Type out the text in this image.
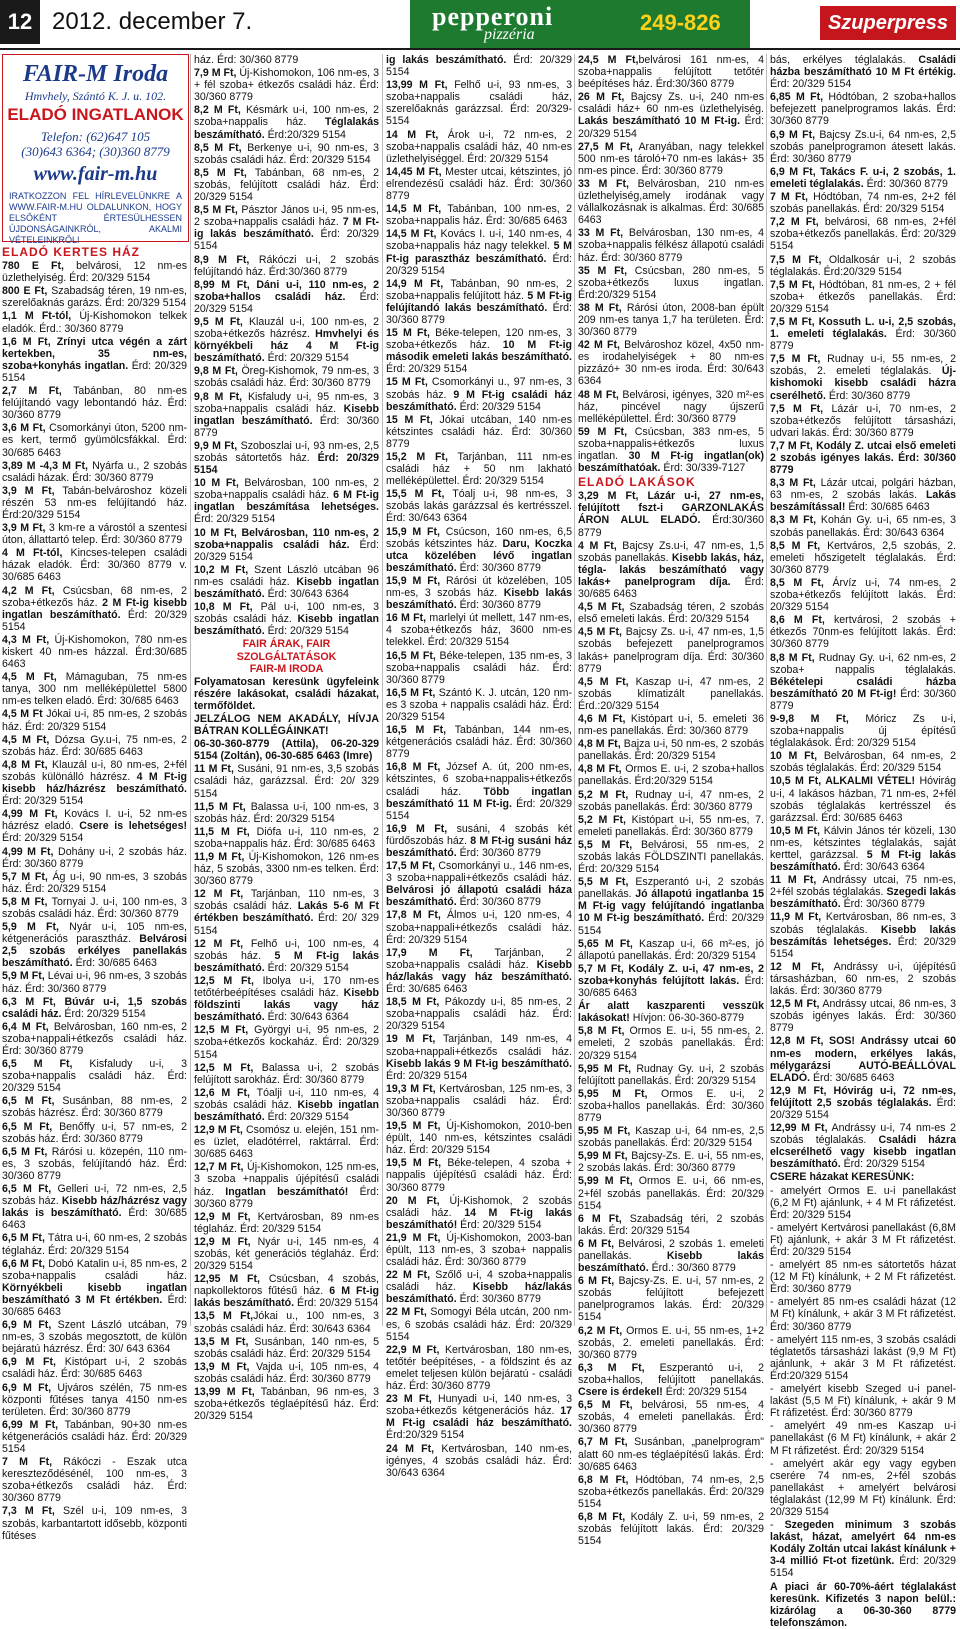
12 2012. december 7.	pepperoni
pizzéria	249-826	Szuperpress
FAIR-M Iroda
Hmvhely, Szántó K. J. u. 102.
ELADÓ INGATLANOK
Telefon: (62)647 105
(30)643 6364; (30)360 8779
www.fair-m.hu
IRATKOZZON FEL HÍRLEVELÜNKRE A WWW.FAIR-M.HU OLDALUNKON, HOGY ELSŐKÉNT ÉRTESÜLHESSEN ÚJDONSÁGAINKRÓL, AKALMI VÉTELEINKRŐL!
ELADÓ KERTES HÁZ

780 E Ft, belvárosi, 12 nm-es üzlethelyiség. Érd: 20/329 5154

800 E Ft, Szabadság téren, 19 nm-es, szerelőaknás garázs. Érd: 20/329 5154

1,1 M Ft-tól, Új-Kishomokon telkek eladók. Érd.: 30/360 8779

1,6 M Ft, Zrínyi utca végén a zárt kertekben, 35 nm-es, szoba+konyhás ingatlan. Érd: 20/329 5154

2,7 M Ft, Tabánban, 80 nm-es felújítandó vagy lebontandó ház. Érd: 30/360 8779

3,6 M Ft, Csomorkányi úton, 5200 nm-es kert, termő gyümölcsfákkal. Érd: 30/685 6463

3,89 M -4,3 M Ft, Nyárfa u., 2 szobás családi házak. Érd: 30/360 8779

3,9 M Ft, Tabán-belvároshoz közeli részén 53 nm-es felújítandó ház. Érd:20/329 5154

3,9 M Ft, 3 km-re a várostól a szentesi úton, állattartó telep. Érd: 30/360 8779

4 M Ft-tól, Kincses-telepen családi házak eladók. Érd: 30/360 8779 v. 30/685 6463

4,2 M Ft, Csúcsban, 68 nm-es, 2 szoba+étkezős ház. 2 M Ft-ig kisebb ingatlan beszámítható. Érd: 20/329 5154

4,3 M Ft, Új-Kishomokon, 780 nm-es kiskert 40 nm-es házzal. Érd:30/685 6463

4,5 M Ft, Mámaguban, 75 nm-es tanya, 300 nm melléképülettel 5800 nm-es telken eladó. Érd: 30/685 6463

4,5 M Ft Jókai u-i, 85 nm-es, 2 szobás ház. Érd: 20/329 5154

4,5 M Ft, Dózsa Gy.u-i, 75 nm-es, 2 szobás ház. Érd: 30/685 6463

4,8 M Ft, Klauzál u-i, 80 nm-es, 2+fél szobás különálló házrész. 4 M Ft-ig kisebb ház/házrész beszámítható. Érd: 20/329 5154

4,99 M Ft, Kovács I. u-i, 52 nm-es házrész eladó. Csere is lehetséges! Érd: 20/329 5154

4,99 M Ft, Dohány u-i, 2 szobás ház. Érd: 30/360 8779

5,7 M Ft, Ág u-i, 90 nm-es, 3 szobás ház. Érd: 20/329 5154

5,8 M Ft, Tornyai J. u-i, 100 nm-es, 3 szobás családi ház. Érd: 30/360 8779

5,9 M Ft, Nyár u-i, 105 nm-es, kétgenerációs parasztház. Belvárosi 2,5 szobás erkélyes panellakás beszámítható. Érd: 30/685 6463

5,9 M Ft, Lévai u-i, 96 nm-es, 3 szobás ház. Érd: 30/360 8779

6,3 M Ft, Búvár u-i, 1,5 szobás családi ház. Érd: 20/329 5154

6,4 M Ft, Belvárosban, 160 nm-es, 2 szoba+nappali+étkezős családi ház. Érd: 30/360 8779

6,5 M Ft, Kisfaludy u-i, 3 szoba+nappalis családi ház. Érd: 20/329 5154

6,5 M Ft, Susánban, 88 nm-es, 2 szobás házrész. Érd: 30/360 8779

6,5 M Ft, Benőffy u-i, 57 nm-es, 2 szobás ház. Érd: 30/360 8779

6,5 M Ft, Rárósi u. közepén, 110 nm-es, 3 szobás, felújítandó ház. Érd: 30/360 8779

6,5 M Ft, Gelleri u-i, 72 nm-es, 2,5 szobás ház. Kisebb ház/házrész vagy lakás is beszámítható. Érd: 30/685 6463

6,5 M Ft, Tátra u-i, 60 nm-es, 2 szobás téglaház. Érd: 20/329 5154

6,6 M Ft, Dobó Katalin u-i, 85 nm-es, 2 szoba+nappalis családi ház. Környékbeli kisebb ingatlan beszámítható 3 M Ft értékben. Érd: 30/685 6463

6,9 M Ft, Szent László utcában, 79 nm-es, 3 szobás megosztott, de külön bejáratú házrész. Érd: 30/ 643 6364

6,9 M Ft, Kistópart u-i, 2 szobás családi ház. Érd: 30/685 6463

6,9 M Ft, Ujváros szélén, 75 nm-es központi fűtéses tanya 4150 nm-es területen. Érd: 30/360 8779

6,99 M Ft, Tabánban, 90+30 nm-es kétgenerációs családi ház. Érd: 20/329 5154

7 M Ft, Rákóczi - Eszak utca kereszteződésénél, 100 nm-es, 3 szoba+étkezős családi ház. Érd: 30/360 8779

7,3 M Ft, Szél u-i, 109 nm-es, 3 szobás, karbantartott idősebb, központi fűtéses

ház. Érd: 30/360 8779

7,9 M Ft, Új-Kishomokon, 106 nm-es, 3 + fél szoba+ étkezős családi ház. Érd: 30/360 8779

8,2 M Ft, Késmárk u-i, 100 nm-es, 2 szoba+nappalis ház. Téglalakás beszámítható. Érd:20/329 5154

8,5 M Ft, Berkenye u-i, 90 nm-es, 3 szobás családi ház. Érd: 20/329 5154

8,5 M Ft, Tabánban, 68 nm-es, 2 szobás, felújított családi ház. Érd: 20/329 5154

8,5 M Ft, Pásztor János u-i, 95 nm-es, 2 szoba+nappalis családi ház. 7 M Ft-ig lakás beszámítható. Érd: 20/329 5154

8,9 M Ft, Rákóczi u-i, 2 szobás felújítandó ház. Érd:30/360 8779

8,99 M Ft, Dáni u-i, 110 nm-es, 2 szoba+hallos családi ház. Érd: 20/329 5154

9,5 M Ft, Klauzál u-i, 100 nm-es, 2 szoba+étkezős házrész. Hmvhelyi és környékbeli ház 4 M Ft-ig beszámítható. Érd: 20/329 5154

9,8 M Ft, Öreg-Kishomok, 79 nm-es, 3 szobás családi ház. Érd: 30/360 8779

9,8 M Ft, Kisfaludy u-i, 95 nm-es, 3 szoba+nappalis családi ház. Kisebb ingatlan beszámítható. Érd: 30/360 8779

9,9 M Ft, Szoboszlai u-i, 93 nm-es, 2,5 szobás sátortetős ház. Érd: 20/329 5154

10 M Ft, Belvárosban, 100 nm-es, 2 szoba+nappalis családi ház. 6 M Ft-ig ingatlan beszámítása lehetséges. Érd: 20/329 5154

10 M Ft, Belvárosban, 110 nm-es, 2 szoba+nappalis családi ház. Érd: 20/329 5154

10,2 M Ft, Szent László utcában 96 nm-es családi ház. Kisebb ingatlan beszámítható. Érd: 30/643 6364

10,8 M Ft, Pál u-i, 100 nm-es, 3 szobás családi ház. Kisebb ingatlan beszámítható. Érd: 20/329 5154

FAIR ÁRAK, FAIR SZOLGÁLTATÁSOK
FAIR-M IRODA

Folyamatosan keresünk ügyfeleink részére lakásokat, családi házakat, termőföldet.

JELZÁLOG NEM AKADÁLY, HÍVJA BÁTRAN KOLLÉGÁINKAT!

06-30-360-8779 (Attila), 06-20-329 5154 (Zoltán), 06-30-685 6463 (Imre)

11 M Ft, Susáni, 91 nm-es, 3,5 szobás családi ház, garázzsal. Érd: 20/ 329 5154

11,5 M Ft, Balassa u-i, 100 nm-es, 3 szobás ház. Érd: 20/329 5154

11,5 M Ft, Diófa u-i, 110 nm-es, 2 szoba+nappalis ház. Érd: 30/685 6463

11,9 M Ft, Új-Kishomokon, 126 nm-es ház, 5 szobás, 3300 nm-es telken. Érd: 30/360 8779

12 M Ft, Tarjánban, 110 nm-es, 3 szobás családi ház. Lakás 5-6 M Ft értékben beszámítható. Érd: 20/ 329 5154

12 M Ft, Felhő u-i, 100 nm-es, 4 szobás ház. 5 M Ft-ig lakás beszámítható. Érd: 20/329 5154

12,5 M Ft, Ibolya u-i, 170 nm-es tetőtérbeépítéses családi ház. Kisebb földszinti lakás vagy ház beszámítható. Érd: 30/643 6364

12,5 M Ft, Györgyi u-i, 95 nm-es, 2 szoba+étkezős kockaház. Érd: 20/329 5154

12,5 M Ft, Balassa u-i, 2 szobás felújított sarokház. Érd: 30/360 8779

12,6 M Ft, Tóalji u-i, 110 nm-es, 4 szobás családi ház. Kisebb ingatlan beszámítható. Érd: 20/329 5154

12,9 M Ft, Csomósz u. elején, 151 nm-es üzlet, eladótérrel, raktárral. Érd: 30/685 6463

12,7 M Ft, Új-Kishomokon, 125 nm-es, 3 szoba +nappalis újépítésű családi ház. Ingatlan beszámítható! Érd: 30/360 8779

12,9 M Ft, Kertvárosban, 89 nm-es téglaház. Érd: 20/329 5154

12,9 M Ft, Nyár u-i, 145 nm-es, 4 szobás, két generációs téglaház. Érd: 20/329 5154

12,95 M Ft, Csúcsban, 4 szobás, napkollektoros fűtésű ház. 6 M Ft-ig lakás beszámítható. Érd: 20/329 5154

13,5 M Ft,Jókai u., 100 nm-es, 3 szobás családi ház. Érd: 30/643 6364

13,5 M Ft, Susánban, 140 nm-es, 5 szobás családi ház. Érd: 20/329 5154

13,9 M Ft, Vajda u-i, 105 nm-es, 4 szobás családi ház. Érd: 30/360 8779

13,99 M Ft, Tabánban, 96 nm-es, 3 szoba+étkezős téglaépítésű ház. Érd: 20/329 5154

ig lakás beszámítható. Érd: 20/329 5154

13,99 M Ft, Felhő u-i, 93 nm-es, 3 szoba+nappalis családi ház, szerelőaknás garázzsal. Érd: 20/329-5154

14 M Ft, Árok u-i, 72 nm-es, 2 szoba+nappalis családi ház, 40 nm-es üzlethelyiséggel. Érd: 20/329 5154

14,45 M Ft, Mester utcai, kétszintes, jó elrendezésű családi ház. Érd: 30/360 8779

14,5 M Ft, Tabánban, 100 nm-es, 2 szoba+nappalis ház. Érd: 30/685 6463

14,5 M Ft, Kovács I. u-i, 140 nm-es, 4 szoba+nappalis ház nagy telekkel. 5 M Ft-ig parasztház beszámítható. Érd: 20/329 5154

14,9 M Ft, Tabánban, 90 nm-es, 2 szoba+nappalis felújított ház. 5 M Ft-ig felújítandó lakás beszámítható. Érd: 30/360 8779

15 M Ft, Béke-telepen, 120 nm-es, 3 szoba+étkezős ház. 10 M Ft-ig második emeleti lakás beszámítható. Érd: 20/329 5154

15 M Ft, Csomorkányi u., 97 nm-es, 3 szobás ház. 9 M Ft-ig családi ház beszámítható. Érd: 20/329 5154

15 M Ft, Jókai utcában, 140 nm-es kétszintes családi ház. Érd: 30/360 8779

15,2 M Ft, Tarjánban, 111 nm-es családi ház + 50 nm lakható melléképülettel. Érd: 20/329 5154

15,5 M Ft, Tóalj u-i, 98 nm-es, 3 szobás lakás garázzsal és kertrésszel. Érd: 30/643 6364

15,9 M Ft, Csúcson, 160 nm-es, 6,5 szobás kétszintes ház. Daru, Koczka utca közelében lévő ingatlan beszámítható. Érd: 30/360 8779

15,9 M Ft, Rárósi út közelében, 105 nm-es, 3 szobás ház. Kisebb lakás beszámítható. Érd: 30/360 8779

16 M Ft, marlelyi út mellett, 147 nm-es, 4 szoba+étkezős ház, 3600 nm-es telekkel. Érd: 20/329 5154

16,5 M Ft, Béke-telepen, 135 nm-es, 3 szoba+nappalis családi ház. Érd: 30/360 8779

16,5 M Ft, Szántó K. J. utcán, 120 nm-es 3 szoba + nappalis családi ház. Érd: 20/329 5154

16,5 M Ft, Tabánban, 144 nm-es, kétgenerációs családi ház. Érd: 30/360 8779

16,8 M Ft, József A. út, 200 nm-es, kétszintes, 6 szoba+nappalis+étkezős családi ház. Több ingatlan beszámítható 11 M Ft-ig. Érd: 20/329 5154

16,9 M Ft, susáni, 4 szobás két fürdőszobás ház. 8 M Ft-ig susáni ház beszámítható. Érd: 30/360 8779

17,5 M Ft, Csomorkányi u., 146 nm-es, 3 szoba+nappali+étkezős családi ház. Belvárosi jó állapotú családi háza beszámítható. Érd: 30/360 8779

17,8 M Ft, Álmos u-i, 120 nm-es, 4 szoba+nappali+étkezős családi ház. Érd: 20/329 5154

17,9 M Ft, Tarjánban, 2 szoba+nappalis családi ház. Kisebb ház/lakás vagy ház beszámítható. Érd: 30/685 6463

18,5 M Ft, Pákozdy u-i, 85 nm-es, 2 szoba+nappalis családi ház. Érd: 20/329 5154

19 M Ft, Tarjánban, 149 nm-es, 4 szoba+nappali+étkezős családi ház. Kisebb lakás 9 M Ft-ig beszámítható. Érd: 20/329 5154

19,3 M Ft, Kertvárosban, 125 nm-es, 3 szoba+nappalis családi ház. Érd: 30/360 8779

19,5 M Ft, Új-Kishomokon, 2010-ben épült, 140 nm-es, kétszintes családi ház. Érd: 20/329 5154

19,5 M Ft, Béke-telepen, 4 szoba + nappalis újépítésű családi ház. Érd: 30/360 8779

20 M Ft, Új-Kishomok, 2 szobás családi ház. 14 M Ft-ig lakás beszámítható! Érd: 20/329 5154

21,9 M Ft, Új-Kishomokon, 2003-ban épült, 113 nm-es, 3 szoba+ nappalis családi ház. Érd: 30/360 8779

22 M Ft, Szőlő u-i, 4 szoba+nappalis családi ház. Kisebb ház/lakás beszámítható. Érd: 30/360 8779

22 M Ft, Somogyi Béla utcán, 200 nm-es, 6 szobás családi ház. Érd: 20/329 5154

22,9 M Ft, Kertvárosban, 180 nm-es, tetőtér beépítéses, - a földszint és az emelet teljesen külön bejáratú - családi ház. Érd: 30/360 8779

23 M Ft, Hunyadi u-i, 140 nm-es, 3 szoba+étkezős kétgenerációs ház. 17 M Ft-ig családi ház beszámítható. Érd:20/329 5154

24 M Ft, Kertvárosban, 140 nm-es, igényes, 4 szobás családi ház. Érd: 30/643 6364

24,5 M Ft,belvárosi 161 nm-es, 4 szoba+nappalis felújított tetőtér beépítéses ház. Érd:30/360 8779

26 M Ft, Bajcsy Zs. u-i, 240 nm-es családi ház+ 60 nm-es üzlethelyiség. Lakás beszámítható 10 M Ft-ig. Érd: 20/329 5154

27,5 M Ft, Aranyában, nagy telekkel 500 nm-es tároló+70 nm-es lakás+ 35 nm-es pince. Érd: 30/360 8779

33 M Ft, Belvárosban, 210 nm-es üzlethelyiség,amely irodának vagy vállalkozásnak is alkalmas. Érd: 30/685 6463

33 M Ft, Belvárosban, 130 nm-es, 4 szoba+nappalis félkész állapotú családi ház. Érd: 30/360 8779

35 M Ft, Csúcsban, 280 nm-es, 5 szoba+étkezős luxus ingatlan. Érd:20/329 5154

38 M Ft, Rárósi úton, 2008-ban épült 209 nm-es tanya 1,7 ha területen. Érd: 30/360 8779

42 M Ft, Belvároshoz közel, 4x50 nm-es irodahelyiségek + 80 nm-es pizzázó+ 30 nm-es iroda. Érd: 30/643 6364

48 M Ft, Belvárosi, igényes, 320 m²-es ház, pincével nagy újszerű melléképülettel. Érd: 30/360 8779

59 M Ft, Csúcsban, 383 nm-es, 5 szoba+nappalis+étkezős luxus ingatlan. 30 M Ft-ig ingatlan(ok) beszámíthatóak. Érd: 30/339-7127

ELADÓ LAKÁSOK

3,29 M Ft, Lázár u-i, 27 nm-es, felújított fszt-i GARZONLAKÁS ÁRON ALUL ELADÓ. Érd:30/360 8779

4 M Ft, Bajcsy Zs.u-i, 47 nm-es, 1,5 szobás panellakás. Kisebb lakás, ház, tégla- lakás beszámítható vagy lakás+ panelprogram díja. Érd: 30/685 6463

4,5 M Ft, Szabadság téren, 2 szobás első emeleti lakás. Érd: 20/329 5154

4,5 M Ft, Bajcsy Zs. u-i, 47 nm-es, 1,5 szobás befejezett panelprogramos lakás+ panelprogram díja. Érd: 30/360 8779

4,5 M Ft, Kaszap u-i, 47 nm-es, 2 szobás klímatizált panellakás. Érd.:20/329 5154

4,6 M Ft, Kistópart u-i, 5. emeleti 36 nm-es panellakás. Érd: 30/360 8779

4,8 M Ft, Bajza u-i, 50 nm-es, 2 szobás panellakás. Érd: 20/329 5154

4,8 M Ft, Ormos E. u-i, 2 szoba+hallos panellakás. Érd:20/329 5154

5,2 M Ft, Rudnay u-i, 47 nm-es, 2 szobás panellakás. Érd: 30/360 8779

5,2 M Ft, Kistópart u-i, 55 nm-es, 7. emeleti panellakás. Érd: 30/360 8779

5,5 M Ft, Belvárosi, 55 nm-es, 2 szobás lakás FÖLDSZINTI panellakás. Érd: 20/329 5154

5,5 M Ft, Eszperantó u-i, 2 szobás panellakás. Jó állapotú ingatlanba 15 M Ft-ig vagy felújítandó ingatlanba 10 M Ft-ig beszámítható. Érd: 20/329 5154

5,65 M Ft, Kaszap u-i, 66 m²-es, jó állapotú panellakás. Érd: 20/329 5154

5,7 M Ft, Kodály Z. u-i, 47 nm-es, 2 szoba+konyhás felújított lakás. Érd: 30/685 6463

Ár alatt kaszparenti vesszük lakásokat! Hívjon: 06-30-360-8779

5,8 M Ft, Ormos E. u-i, 55 nm-es, 2. emeleti, 2 szobás panellakás. Érd: 20/329 5154

5,95 M Ft, Rudnay Gy. u-i, 2 szobás felújított panellakás. Érd: 20/329 5154

5,95 M Ft, Ormos E. u-i, 2 szoba+hallos panellakás. Érd: 30/360 8779

5,95 M Ft, Kaszap u-i, 64 nm-es, 2,5 szobás panellakás. Érd: 20/329 5154

5,99 M Ft, Bajcsy-Zs. E. u-i, 55 nm-es, 2 szobás lakás. Érd: 30/360 8779

5,99 M Ft, Ormos E. u-i, 66 nm-es, 2+fél szobás panellakás. Érd: 20/329 5154

6 M Ft, Szabadság téri, 2 szobás lakás. Érd: 20/329 5154

6 M Ft, Belvárosi, 2 szobás 1. emeleti panellakás. Kisebb lakás beszámítható. Érd.: 30/360 8779

6 M Ft, Bajcsy-Zs. E. u-i, 57 nm-es, 2 szobás felújított befejezett panelprogramos lakás. Érd: 20/329 5154

6,2 M Ft, Ormos E. u-i, 55 nm-es, 1+2 szobás, 2. emeleti panellakás. Érd: 30/360 8779

6,3 M Ft, Eszperantó u-i, 2 szoba+hallos, felújított panellakás. Csere is érdekel! Érd: 20/329 5154

6,5 M Ft, belvárosi, 55 nm-es, 4 szobás, 4 emeleti panellakás. Érd: 30/360 8779

6,7 M Ft, Susánban, „panelprogram" alatt 60 nm-es téglaépítésű lakás. Érd: 30/685 6463

6,8 M Ft, Hódtóban, 74 nm-es, 2,5 szoba+étkezős panellakás. Érd: 20/329 5154

6,8 M Ft, Kodály Z. u-i, 59 nm-es, 2 szobás felújított lakás. Érd: 20/329 5154

bás, erkélyes téglalakás. Családi házba beszámítható 10 M Ft értékig. Érd: 20/329 5154

6,85 M Ft, Hódtóban, 2 szoba+hallos befejezett panelprogramos lakás. Érd: 30/360 8779

6,9 M Ft, Bajcsy Zs.u-i, 64 nm-es, 2,5 szobás panelprogramon átesett lakás. Érd: 30/360 8779

6,9 M Ft, Takács F. u-i, 2 szobás, 1. emeleti téglalakás. Érd: 30/360 8779

7 M Ft, Hódtóban, 74 nm-es, 2+2 fél szobás panellakás. Érd: 20/329 5154

7,2 M Ft, belvárosi, 68 nm-es, 2+fél szoba+étkezős panellakás. Érd: 20/329 5154

7,5 M Ft, Oldalkosár u-i, 2 szobás téglalakás. Érd:20/329 5154

7,5 M Ft, Hódtóban, 81 nm-es, 2 + fél szoba+ étkezős panellakás. Érd: 20/329 5154

7,5 M Ft, Kossuth L. u-i, 2,5 szobás, 1. emeleti téglalakás. Érd: 30/360 8779

7,5 M Ft, Rudnay u-i, 55 nm-es, 2 szobás, 2. emeleti téglalakás. Új-kishomoki kisebb családi házra cserélhető. Érd: 30/360 8779

7,5 M Ft, Lázár u-i, 70 nm-es, 2 szoba+étkezős felújított társasházi, udvari lakás. Érd: 30/360 8779

7,7 M Ft, Kodály Z. utcai első emeleti 2 szobás igényes lakás. Érd: 30/360 8779

8,3 M Ft, Lázár utcai, polgári házban, 63 nm-es, 2 szobás lakás. Lakás beszámítással! Érd: 30/685 6463

8,3 M Ft, Kohán Gy. u-i, 65 nm-es, 3 szobás panellakás. Érd: 30/643 6364

8,5 M Ft, Kertváros, 2,5 szobás, 2. emeleti hőszigetelt téglalakás. Érd: 30/360 8779

8,5 M Ft, Árvíz u-i, 74 nm-es, 2 szoba+étkezős felújított lakás. Érd: 20/329 5154

8,6 M Ft, kertvárosi, 2 szobás + étkezős 70nm-es felújított lakás. Érd: 30/360 8779

8,8 M Ft, Rudnay Gy. u-i, 62 nm-es, 2 szoba+ nappalis téglalakás. Békételepi családi házba beszámítható 20 M Ft-ig! Érd: 30/360 8779

9-9,8 M Ft, Móricz Zs u-i, szoba+nappalis új építésű téglalakások. Érd: 20/329 5154

10 M Ft, Belvárosban, 64 nm-es, 2 szobás téglalakás. Érd: 20/329 5154

10,5 M Ft, ALKALMI VÉTEL! Hóvirág u-i, 4 lakásos házban, 71 nm-es, 2+fél szobás téglalakás kertrésszel és garázzsal. Érd: 30/685 6463

10,5 M Ft, Kálvin János tér közeli, 130 nm-es, kétszintes téglalakás, saját kerttel, garázzsal. 5 M Ft-ig lakás beszámítható. Érd: 30/643 6364

11 M Ft, Andrássy utcai, 75 nm-es, 2+fél szobás téglalakás. Szegedi lakás beszámítható. Érd: 30/360 8779

11,9 M Ft, Kertvárosban, 86 nm-es, 3 szobás téglalakás. Kisebb lakás beszámítás lehetséges. Érd: 20/329 5154

12 M Ft, Andrássy u-i, újépítésű társasházban, 60 nm-es, 2 szobás lakás. Érd: 30/360 8779

12,5 M Ft, Andrássy utcai, 86 nm-es, 3 szobás igényes lakás. Érd: 30/360 8779

12,8 M Ft, SOS! Andrássy utcai 60 nm-es modern, erkélyes lakás, mélygarázsi AUTÓ-BEÁLLÓVAL ELADÓ. Érd: 30/685 6463

12,9 M Ft, Hóvirág u-i, 72 nm-es, felújított 2,5 szobás téglalakás. Érd: 20/329 5154

12,99 M Ft, Andrássy u-i, 74 nm-es 2 szobás téglalakás. Családi házra elcserélhető vagy kisebb ingatlan beszámítható. Érd: 20/329 5154

CSERE házakat KERESÜNK:

- amelyért Ormos E. u-i panellakást (6,2 M Ft) ajánlunk, + 4 M Ft ráfizetést. Érd: 20/329 5154

- amelyért Kertvárosi panellakást (6,8M Ft) ajánlunk, + akár 3 M Ft ráfizetést. Érd: 20/329 5154

- amelyért 85 nm-es sátortetős házat (12 M Ft) kínálunk, + 2 M Ft ráfizetést. Érd: 30/360 8779

- amelyért 85 nm-es családi házat (12 M Ft) kínálunk, + akár 3 M Ft ráfizetést. Érd: 30/360 8779

- amelyért 115 nm-es, 3 szobás családi téglatetős társasházi lakást (9,9 M Ft) ajánlunk, + akár 3 M Ft ráfizetést. Érd:20/329 5154

- amelyért kisebb Szeged u-i panel-lakást (5,5 M Ft) kínálunk, + akár 9 M Ft ráfizetést. Érd: 30/360 8779

- amelyért 49 nm-es Kaszap u-i panellakást (6 M Ft) kínálunk, + akár 2 M Ft ráfizetést. Érd: 20/329 5154

- amelyért akár egy vagy egyben cserére 74 nm-es, 2+fél szobás panellakást + amelyért belvárosi téglalakást (12,99 M Ft) kínálunk. Érd: 20/329 5154

- Szegeden minimum 3 szobás lakást, házat, amelyért 64 nm-es Kodály Zoltán utcai lakást kínálunk + 3-4 millió Ft-ot fizetünk. Érd: 20/329 5154

A piaci ár 60-70%-áért téglalakást keresünk. Kifizetés 3 napon belül.: kizárólag a 06-30-360 8779 telefonszámon.
